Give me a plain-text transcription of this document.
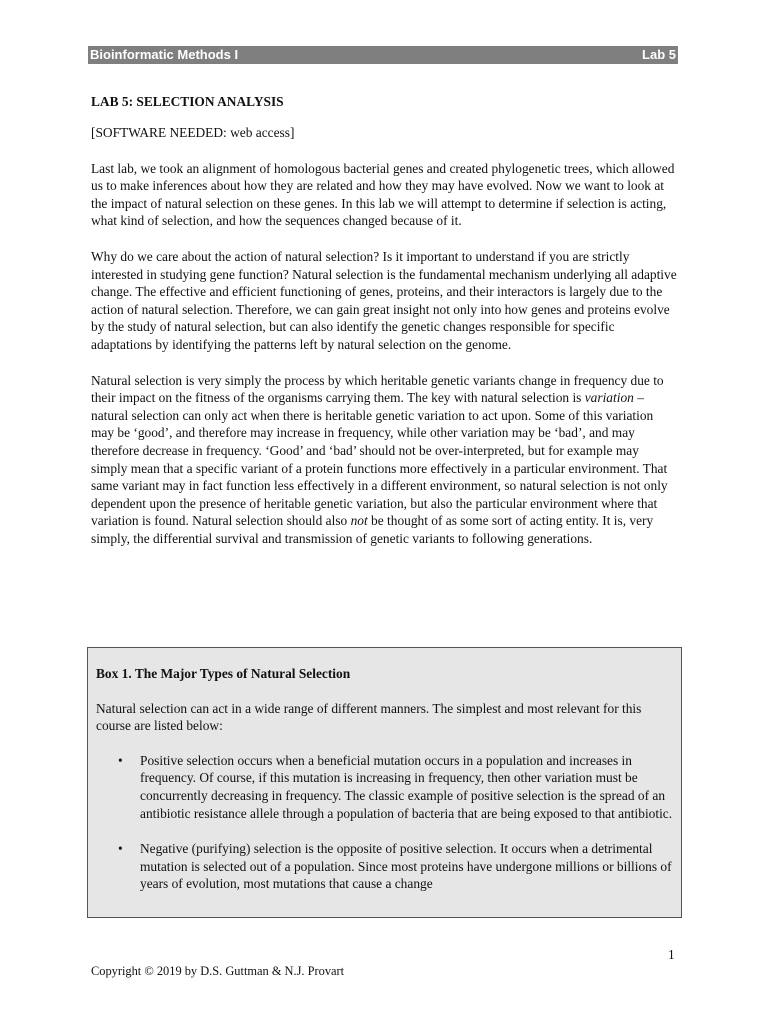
Bioinformatic Methods I	Lab 5
LAB 5: SELECTION ANALYSIS

[SOFTWARE NEEDED: web access]

Last lab, we took an alignment of homologous bacterial genes and created phylogenetic trees, which allowed us to make inferences about how they are related and how they may have evolved. Now we want to look at the impact of natural selection on these genes. In this lab we will attempt to determine if selection is acting, what kind of selection, and how the sequences changed because of it.

Why do we care about the action of natural selection? Is it important to understand if you are strictly interested in studying gene function? Natural selection is the fundamental mechanism underlying all adaptive change. The effective and efficient functioning of genes, proteins, and their interactors is largely due to the action of natural selection. Therefore, we can gain great insight not only into how genes and proteins evolve by the study of natural selection, but can also identify the genetic changes responsible for specific adaptations by identifying the patterns left by natural selection on the genome.

Natural selection is very simply the process by which heritable genetic variants change in frequency due to their impact on the fitness of the organisms carrying them. The key with natural selection is variation – natural selection can only act when there is heritable genetic variation to act upon. Some of this variation may be ‘good’, and therefore may increase in frequency, while other variation may be ‘bad’, and may therefore decrease in frequency. ‘Good’ and ‘bad’ should not be over-interpreted, but for example may simply mean that a specific variant of a protein functions more effectively in a particular environment. That same variant may in fact function less effectively in a different environment, so natural selection is not only dependent upon the presence of heritable genetic variation, but also the particular environment where that variation is found. Natural selection should also not be thought of as some sort of acting entity. It is, very simply, the differential survival and transmission of genetic variants to following generations.

Box 1. The Major Types of Natural Selection

Natural selection can act in a wide range of different manners. The simplest and most relevant for this course are listed below:

• Positive selection occurs when a beneficial mutation occurs in a population and increases in frequency. Of course, if this mutation is increasing in frequency, then other variation must be concurrently decreasing in frequency. The classic example of positive selection is the spread of an antibiotic resistance allele through a population of bacteria that are being exposed to that antibiotic.
• Negative (purifying) selection is the opposite of positive selection. It occurs when a detrimental mutation is selected out of a population. Since most proteins have undergone millions or billions of years of evolution, most mutations that cause a change
1
Copyright © 2019 by D.S. Guttman & N.J. Provart
